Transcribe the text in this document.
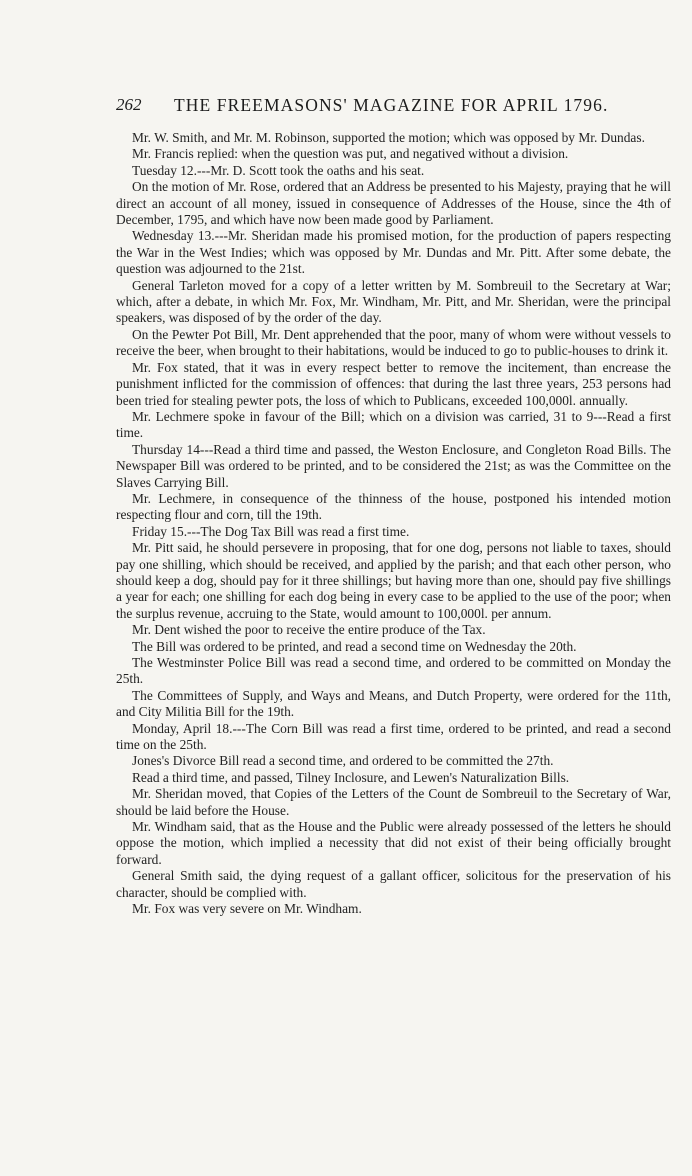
262 THE FREEMASONS' MAGAZINE FOR APRIL 1796.

Mr. W. Smith, and Mr. M. Robinson, supported the motion; which was opposed by Mr. Dundas.

Mr. Francis replied: when the question was put, and negatived without a division.

Tuesday 12.---Mr. D. Scott took the oaths and his seat.

On the motion of Mr. Rose, ordered that an Address be presented to his Majesty, praying that he will direct an account of all money, issued in consequence of Addresses of the House, since the 4th of December, 1795, and which have now been made good by Parliament.

Wednesday 13.---Mr. Sheridan made his promised motion, for the production of papers respecting the War in the West Indies; which was opposed by Mr. Dundas and Mr. Pitt. After some debate, the question was adjourned to the 21st.

General Tarleton moved for a copy of a letter written by M. Sombreuil to the Secretary at War; which, after a debate, in which Mr. Fox, Mr. Windham, Mr. Pitt, and Mr. Sheridan, were the principal speakers, was disposed of by the order of the day.

On the Pewter Pot Bill, Mr. Dent apprehended that the poor, many of whom were without vessels to receive the beer, when brought to their habitations, would be induced to go to public-houses to drink it.

Mr. Fox stated, that it was in every respect better to remove the incitement, than encrease the punishment inflicted for the commission of offences: that during the last three years, 253 persons had been tried for stealing pewter pots, the loss of which to Publicans, exceeded 100,000l. annually.

Mr. Lechmere spoke in favour of the Bill; which on a division was carried, 31 to 9---Read a first time.

Thursday 14---Read a third time and passed, the Weston Enclosure, and Congleton Road Bills. The Newspaper Bill was ordered to be printed, and to be considered the 21st; as was the Committee on the Slaves Carrying Bill.

Mr. Lechmere, in consequence of the thinness of the house, postponed his intended motion respecting flour and corn, till the 19th.

Friday 15.---The Dog Tax Bill was read a first time.

Mr. Pitt said, he should persevere in proposing, that for one dog, persons not liable to taxes, should pay one shilling, which should be received, and applied by the parish; and that each other person, who should keep a dog, should pay for it three shillings; but having more than one, should pay five shillings a year for each; one shilling for each dog being in every case to be applied to the use of the poor; when the surplus revenue, accruing to the State, would amount to 100,000l. per annum.

Mr. Dent wished the poor to receive the entire produce of the Tax.

The Bill was ordered to be printed, and read a second time on Wednesday the 20th.

The Westminster Police Bill was read a second time, and ordered to be committed on Monday the 25th.

The Committees of Supply, and Ways and Means, and Dutch Property, were ordered for the 11th, and City Militia Bill for the 19th.

Monday, April 18.---The Corn Bill was read a first time, ordered to be printed, and read a second time on the 25th.

Jones's Divorce Bill read a second time, and ordered to be committed the 27th.

Read a third time, and passed, Tilney Inclosure, and Lewen's Naturalization Bills.

Mr. Sheridan moved, that Copies of the Letters of the Count de Sombreuil to the Secretary of War, should be laid before the House.

Mr. Windham said, that as the House and the Public were already possessed of the letters he should oppose the motion, which implied a necessity that did not exist of their being officially brought forward.

General Smith said, the dying request of a gallant officer, solicitous for the preservation of his character, should be complied with.

Mr. Fox was very severe on Mr. Windham.
